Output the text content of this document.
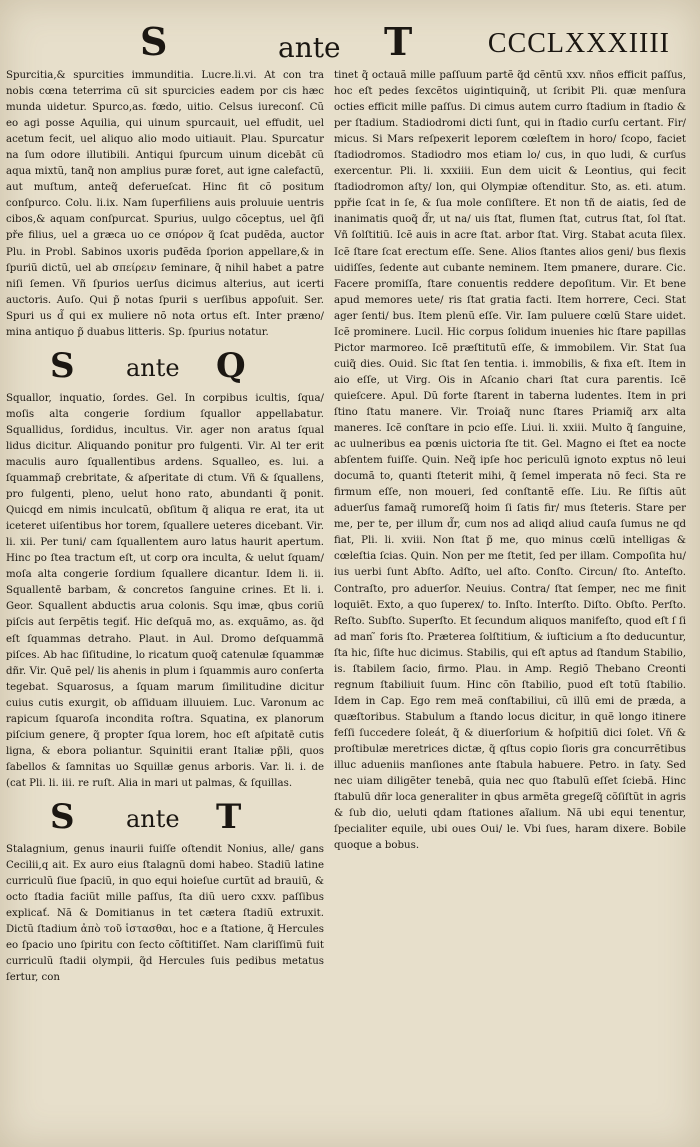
S	ante T	CCCLXXXIIII

Spurcitia,& spurcities immunditia. Lucre.li.vi. At con tra nobis cœna teterrima cũ sit spurcicies eadem por cis hæc munda uidetur. Spurco,as. fœdo, uitio. Celsus iureconſ. Cũ eo agi posse Aquilia, qui uinum spurcauit, uel effudit, uel acetum fecit, uel aliquo alio modo uitiauit. Plau. Spurcatur na ſum odore illutibili. Antiqui ſpurcum uinum dicebāt cũ aqua mixtũ, tanq̃ non amplius puræ foret, aut igne calefactũ, aut muſtum, anteq̃ deferueſcat. Hinc fit cõ positum conſpurco. Colu. li.ix. Nam ſuperfiliens auis proluuie uentris cibos,& aquam conſpurcat. Spurius, uulgo cõceptus, uel q̃ſi pře filius, uel a græca uo ce σπόρον q̃ ſcat pudẽda, auctor Plu. in Probl. Sabinos uxoris puđẽda ſporion appellare,& in ſpuriũ dictũ, uel ab σπείρειν ſeminare, q̃ nihil habet a patre niſi ſemen. Vñ ſpurios uerſus dicimus alterius, aut icerti auctoris. Auſo. Qui p̃ notas ſpurii s uerſibus appoſuit. Ser. Spuri us d̃ qui ex muliere nõ nota ortus eſt. Inter præno/ mina antiquo p̃ duabus litteris. Sp. ſpurius notatur.

S ante Q

Squallor, inquatio, ſordes. Gel. In corpibus icultis, ſqua/ moſis alta congerie ſordium ſquallor appellabatur. Squallidus, ſordidus, incultus. Vir. ager non aratus ſqual lidus dicitur. Aliquando ponitur pro fulgenti. Vir. Al ter erit maculis auro ſquallentibus ardens. Squalleo, es. lui. a ſquammap̃ crebritate, & aſperitate di ctum. Vñ & ſquallens, pro fulgenti, pleno, uelut hono rato, abundanti q̃ ponit. Quicqd em nimis inculcatũ, obſitum q̃ aliqua re erat, ita ut iceteret uiſentibus hor torem, ſquallere ueteres dicebant. Vir. li. xii. Per tuni/ cam ſquallentem auro latus haurit apertum. Hinc po ſtea tractum eſt, ut corp ora inculta, & uelut ſquam/ moſa alta congerie ſordium ſquallere dicantur. Idem li. ii. Squallentē barbam, & concretos ſanguine crines. Et li. i. Geor. Squallent abductis arua colonis. Squ imæ, qbus coriũ piſcis aut ſerpẽtis tegiť. Hic deſquã mo, as. exquãmo, as. q̃d eſt ſquammas detraho. Plaut. in Aul. Dromo deſquammã piſces. Ab hac ſiſitudine, lo ricatum quoq̃ catenulæ ſquammæ dñr. Vir. Quẽ pel/ lis ahenis in plum i ſquammis auro conſerta tegebat. Squarosus, a ſquam marum ſimilitudine dicitur cuius cutis exurgit, ob aſſiduam illuuiem. Luc. Varonum ac rapicum ſquaroſa incondita roſtra. Squatina, ex planorum piſcium genere, q̃ propter ſqua lorem, hoc eſt aſpitatē cutis ligna, & ebora poliantur. Squinitii erant Italiæ pp̃li, quos ſabellos & ſamnitas uo Squillæ genus arboris. Var. li. i. de (cat Pli. li. iii. re ruſt. Alia in mari ut palmas, & ſquillas.

S ante T

Stalagnium, genus inaurii fuiſſe oſtendit Nonius, alle/ gans Cecilii,q ait. Ex auro eius ſtalagnũ domi habeo. Stadiũ latine curriculũ ſiue ſpaciũ, in quo equi hoieſue curtũt ad brauiũ, & octo ſtadia faciũt mille paſſus, ſta diũ uero cxxv. paſſibus explicať. Nã & Domitianus in tet cætera ſtadiũ extruxit. Dictũ ſtadium ἀπὸ τοῦ ἱστασθαι, hoc e a ſtatione, q̃ Hercules eo ſpacio uno ſpiritu con ſecto cõſtitiſſet. Nam clariſſimũ fuit curriculũ ſtadii olympii, q̃d Hercules ſuis pedibus metatus ſertur, con

tinet q̃ octauã mille paſſuum partẽ q̃d cẽntũ xxv. nños efficit paſſus, hoc eſt pedes ſexcẽtos uigintiquinq̃, ut ſcribit Pli. quæ menſura octies efficit mille paſſus. Di cimus autem curro ſtadium in ſtadio & per ſtadium. Stadiodromi dicti ſunt, qui in ſtadio curſu certant. Fir/ micus. Si Mars reſpexerit leporem cœleſtem in horo/ ſcopo, faciet ſtadiodromos. Stadiodro mos etiam lo/ cus, in quo ludi, & curſus exercentur. Pli. li. xxxiiii. Eun dem uicit & Leontius, qui fecit ſtadiodromon aſty/ lon, qui Olympiæ oſtenditur. Sto, as. eti. atum. ppřie ſcat in ſe, & ſua mole conſiſtere. Et non tñ de aiatis, ſed de inanimatis quoq̃ d̃r, ut na/ uis ſtat, flumen ſtat, cutrus ſtat, ſol ſtat. Vñ ſolſtitiũ. Icẽ auis in acre ſtat. arbor ſtat. Virg. Stabat acuta ſilex. Icẽ ſtare ſcat erectum eſſe. Sene. Alios ſtantes alios geni/ bus flexis uidiſſes, ſedente aut cubante neminem. Item pmanere, durare. Cic. Facere promiſſa, ſtare conuentis reddere depoſitum. Vir. Et bene apud memores uete/ ris ſtat gratia facti. Item horrere, Ceci. Stat ager ſenti/ bus. Item plenũ eſſe. Vir. Iam puluere cœlũ Stare uidet. Icẽ prominere. Lucil. Hic corpus ſolidum inuenies hic ſtare papillas Pictor marmoreo. Icẽ præſtitutũ eſſe, & immobilem. Vir. Stat ſua cuiq̃ dies. Ouid. Sic ſtat ſen tentia. i. immobilis, & fixa eſt. Item in aio eſſe, ut Virg. Ois in Aſcanio chari ſtat cura parentis. Icẽ quieſcere. Apul. Dũ forte ſtarent in taberna ludentes. Item in pri ſtino ſtatu manere. Vir. Troiaq̃ nunc ſtares Priamiq̃ arx alta maneres. Icẽ conſtare in pcio eſſe. Liui. li. xxiii. Multo q̃ ſanguine, ac uulneribus ea pœnis uictoria ſte tit. Gel. Magno ei ſtet ea nocte abſentem fuiſſe. Quin. Neq̃ ipſe hoc periculũ ignoto exptus nõ leui documã to, quanti ſteterit mihi, q̃ ſemel imperata nõ feci. Sta re firmum eſſe, non moueri, ſed conſtantẽ eſſe. Liu. Re ſiſtis aũt aduerſus famaq̃ rumoreſq̃ hoim ſi ſatis fir/ mus ſteteris. Stare per me, per te, per illum d̃r, cum nos ad aliqd aliud cauſa ſumus ne qd fiat, Pli. li. xviii. Non ſtat p̃ me, quo minus cœlũ intelligas & cœleſtia ſcias. Quin. Non per me ſtetit, ſed per illam. Compoſita hu/ ius uerbi ſunt Abſto. Adſto, uel aſto. Conſto. Circun/ ſto. Anteſto. Contraſto, pro aduerſor. Neuius. Contra/ ſtat ſemper, nec me finit loquiẽt. Exto, a quo ſuperex/ to. Inſto. Interſto. Diſto. Obſto. Perſto. Reſto. Subſto. Superſto. Et ſecundum aliquos manifeſto, quod eſt ſ ſi ad man ̃ foris ſto. Præterea ſolſtitium, & iuſticium a ſto deducuntur, ſta hic, ſiſte huc dicimus. Stabilis, qui eſt aptus ad ſtandum Stabilio, is. ſtabilem ſacio, firmo. Plau. in Amp. Regiõ Thebano Creonti regnum ſtabiliuit ſuum. Hinc cõn ſtabilio, puod eſt totũ ſtabilio. Idem in Cap. Ego rem meã conſtabiliui, cũ illũ emi de præda, a quæſtoribus. Stabulum a ſtando locus dicitur, in quẽ longo itinere feſſi ſuccedere ſoleát, q̃ & diuerſorium & hoſpitiũ dici ſolet. Vñ & proſtibulæ meretrices dictæ, q̃ qſtus copio ſioris gra concurrẽtibus illuc adueniis manſiones ante ſtabula habuere. Petro. in ſaty. Sed nec uiam diligẽter tenebã, quia nec quo ſtabulũ eſſet ſciebã. Hinc ſtabulũ dñr loca generaliter in qbus armẽta gregeſq̃ cõſiſtũt in agris & ſub dio, ueluti qdam ſtationes aĩalium. Nã ubi equi tenentur, ſpecialiter equile, ubi oues Oui/ le. Vbi ſues, haram dixere. Bobile quoque a bobus.
